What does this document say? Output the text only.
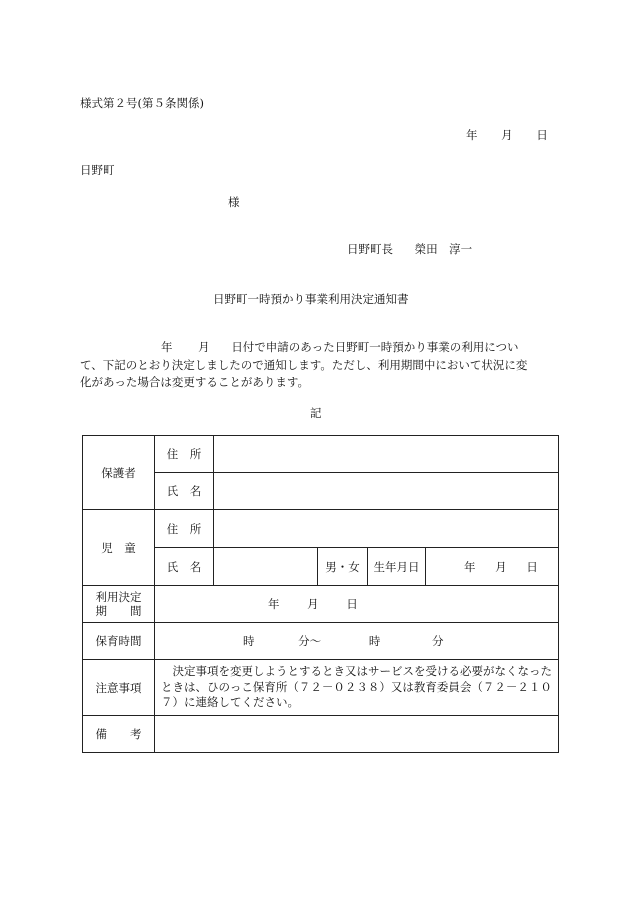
様式第２号(第５条関係)
年 月 日
日野町
様
日野町長 榮田　淳一
日野町一時預かり事業利用決定通知書
年 月 日付で申請のあった日野町一時預かり事業の利用につい
て、下記のとおり決定しましたので通知します。ただし、利用期間中において状況に変
化があった場合は変更することがあります。
記
保護者	住　所				
	氏　名				
児　童	住　所				
	氏　名		男・女	生年月日	年 月 日

利用決定
期　　間	年 月 日				
保育時間	時 分〜 時 分				
注意事項	決定事項を変更しようとするとき又はサービスを受ける必要がなくなったときは、ひのっこ保育所（７２－０２３８）又は教育委員会（７２－２１０７）に連絡してください。				
備　　考					
